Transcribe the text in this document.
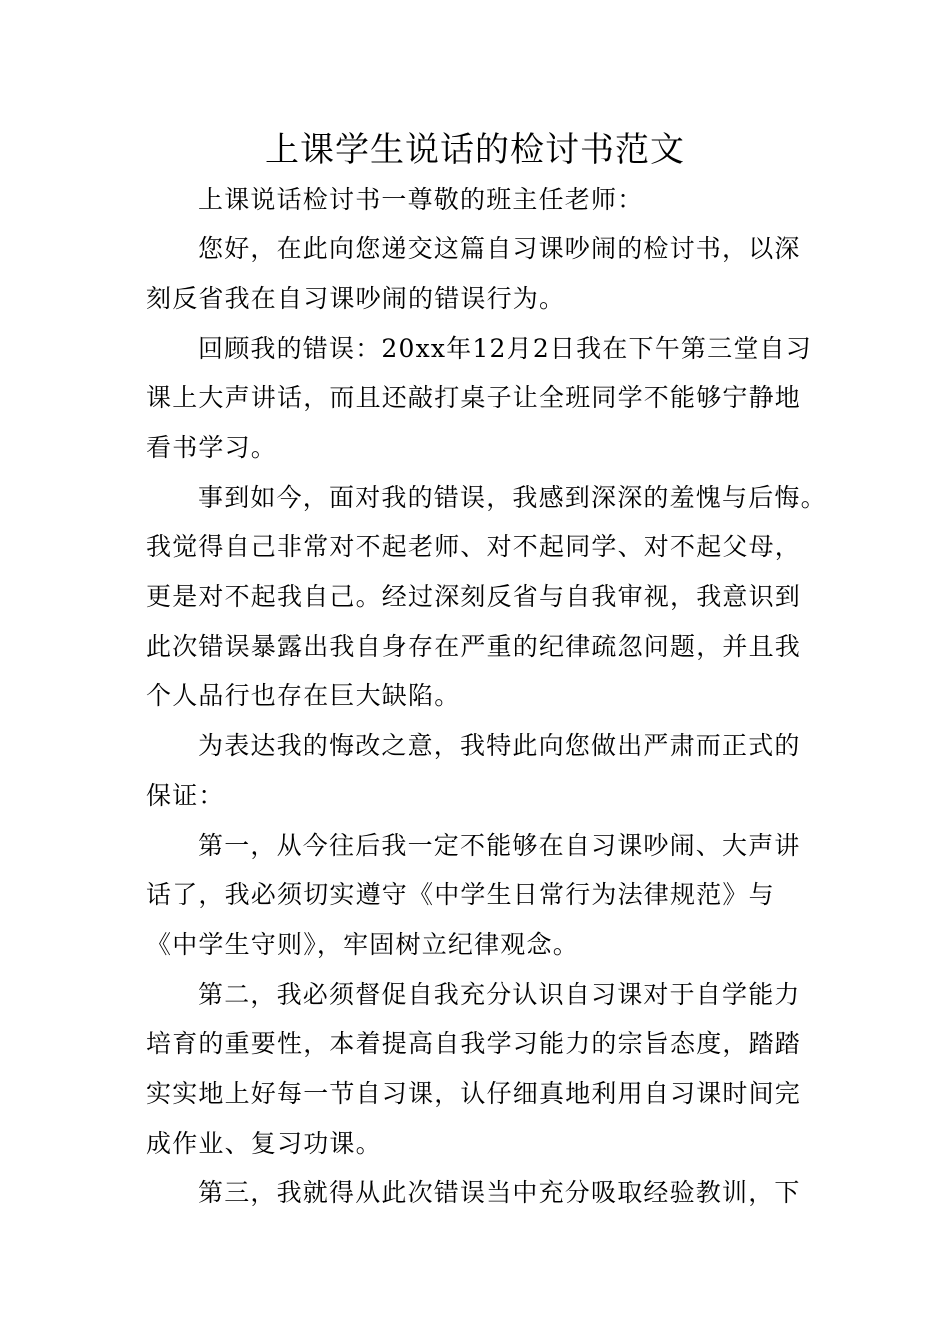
上课学生说话的检讨书范文
上课说话检讨书一尊敬的班主任老师：
您好，在此向您递交这篇自习课吵闹的检讨书，以深
刻反省我在自习课吵闹的错误行为。
回顾我的错误：20xx年12月2日我在下午第三堂自习
课上大声讲话，而且还敲打桌子让全班同学不能够宁静地
看书学习。
事到如今，面对我的错误，我感到深深的羞愧与后悔。
我觉得自己非常对不起老师、对不起同学、对不起父母，
更是对不起我自己。经过深刻反省与自我审视，我意识到
此次错误暴露出我自身存在严重的纪律疏忽问题，并且我
个人品行也存在巨大缺陷。
为表达我的悔改之意，我特此向您做出严肃而正式的
保证：
第一，从今往后我一定不能够在自习课吵闹、大声讲
话了，我必须切实遵守《中学生日常行为法律规范》与
《中学生守则》，牢固树立纪律观念。
第二，我必须督促自我充分认识自习课对于自学能力
培育的重要性，本着提高自我学习能力的宗旨态度，踏踏
实实地上好每一节自习课，认仔细真地利用自习课时间完
成作业、复习功课。
第三，我就得从此次错误当中充分吸取经验教训，下
